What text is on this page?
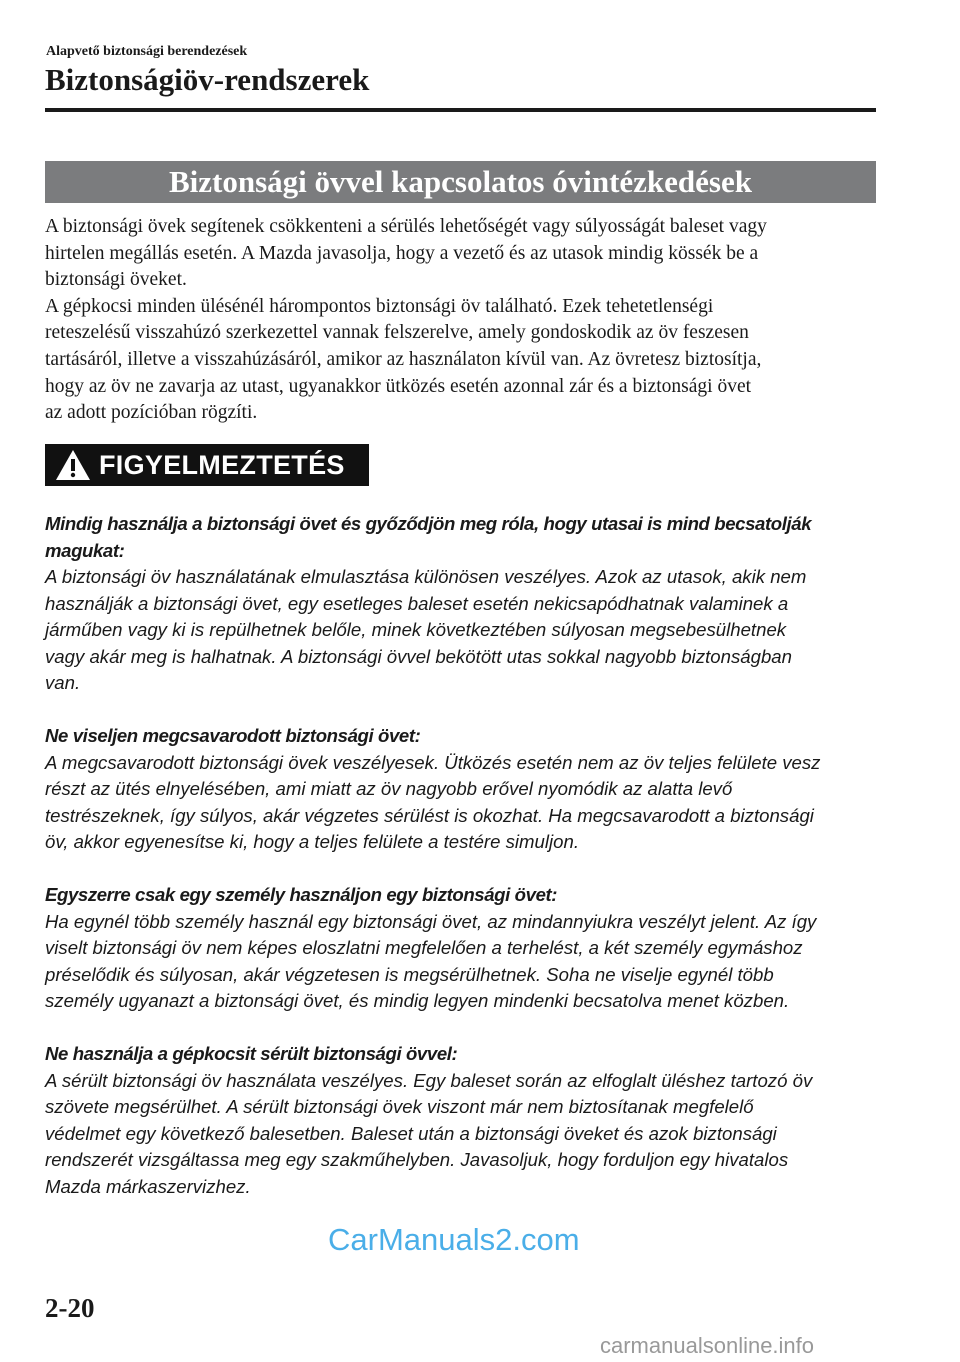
Alapvető biztonsági berendezések
Biztonságiöv-rendszerek
Biztonsági övvel kapcsolatos óvintézkedések
A biztonsági övek segítenek csökkenteni a sérülés lehetőségét vagy súlyosságát baleset vagy
hirtelen megállás esetén. A Mazda javasolja, hogy a vezető és az utasok mindig kössék be a
biztonsági öveket.
A gépkocsi minden ülésénél hárompontos biztonsági öv található. Ezek tehetetlenségi
reteszelésű visszahúzó szerkezettel vannak felszerelve, amely gondoskodik az öv feszesen
tartásáról, illetve a visszahúzásáról, amikor az használaton kívül van. Az övretesz biztosítja,
hogy az öv ne zavarja az utast, ugyanakkor ütközés esetén azonnal zár és a biztonsági övet
az adott pozícióban rögzíti.
FIGYELMEZTETÉS
Mindig használja a biztonsági övet és győződjön meg róla, hogy utasai is mind becsatolják
magukat:
A biztonsági öv használatának elmulasztása különösen veszélyes. Azok az utasok, akik nem
használják a biztonsági övet, egy esetleges baleset esetén nekicsapódhatnak valaminek a
járműben vagy ki is repülhetnek belőle, minek következtében súlyosan megsebesülhetnek
vagy akár meg is halhatnak. A biztonsági övvel bekötött utas sokkal nagyobb biztonságban
van.
Ne viseljen megcsavarodott biztonsági övet:
A megcsavarodott biztonsági övek veszélyesek. Ütközés esetén nem az öv teljes felülete vesz
részt az ütés elnyelésében, ami miatt az öv nagyobb erővel nyomódik az alatta levő
testrészeknek, így súlyos, akár végzetes sérülést is okozhat. Ha megcsavarodott a biztonsági
öv, akkor egyenesítse ki, hogy a teljes felülete a testére simuljon.
Egyszerre csak egy személy használjon egy biztonsági övet:
Ha egynél több személy használ egy biztonsági övet, az mindannyiukra veszélyt jelent. Az így
viselt biztonsági öv nem képes eloszlatni megfelelően a terhelést, a két személy egymáshoz
préselődik és súlyosan, akár végzetesen is megsérülhetnek. Soha ne viselje egynél több
személy ugyanazt a biztonsági övet, és mindig legyen mindenki becsatolva menet közben.
Ne használja a gépkocsit sérült biztonsági övvel:
A sérült biztonsági öv használata veszélyes. Egy baleset során az elfoglalt üléshez tartozó öv
szövete megsérülhet. A sérült biztonsági övek viszont már nem biztosítanak megfelelő
védelmet egy következő balesetben. Baleset után a biztonsági öveket és azok biztonsági
rendszerét vizsgáltassa meg egy szakműhelyben. Javasoljuk, hogy forduljon egy hivatalos
Mazda márkaszervizhez.
2-20
CarManuals2.com
carmanualsonline.info
